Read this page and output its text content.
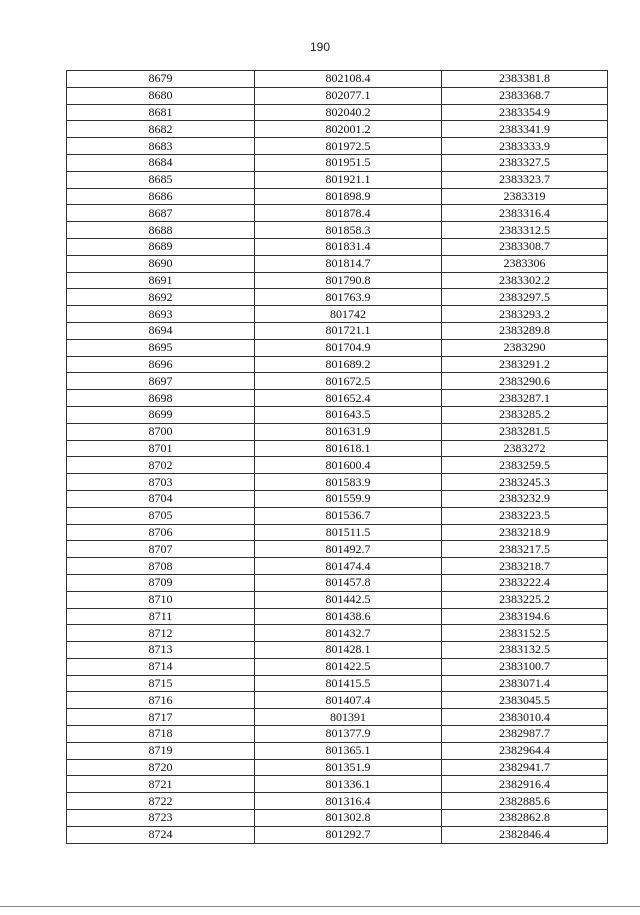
190
8679	802108.4	2383381.8
8680	802077.1	2383368.7
8681	802040.2	2383354.9
8682	802001.2	2383341.9
8683	801972.5	2383333.9
8684	801951.5	2383327.5
8685	801921.1	2383323.7
8686	801898.9	2383319
8687	801878.4	2383316.4
8688	801858.3	2383312.5
8689	801831.4	2383308.7
8690	801814.7	2383306
8691	801790.8	2383302.2
8692	801763.9	2383297.5
8693	801742	2383293.2
8694	801721.1	2383289.8
8695	801704.9	2383290
8696	801689.2	2383291.2
8697	801672.5	2383290.6
8698	801652.4	2383287.1
8699	801643.5	2383285.2
8700	801631.9	2383281.5
8701	801618.1	2383272
8702	801600.4	2383259.5
8703	801583.9	2383245.3
8704	801559.9	2383232.9
8705	801536.7	2383223.5
8706	801511.5	2383218.9
8707	801492.7	2383217.5
8708	801474.4	2383218.7
8709	801457.8	2383222.4
8710	801442.5	2383225.2
8711	801438.6	2383194.6
8712	801432.7	2383152.5
8713	801428.1	2383132.5
8714	801422.5	2383100.7
8715	801415.5	2383071.4
8716	801407.4	2383045.5
8717	801391	2383010.4
8718	801377.9	2382987.7
8719	801365.1	2382964.4
8720	801351.9	2382941.7
8721	801336.1	2382916.4
8722	801316.4	2382885.6
8723	801302.8	2382862.8
8724	801292.7	2382846.4
